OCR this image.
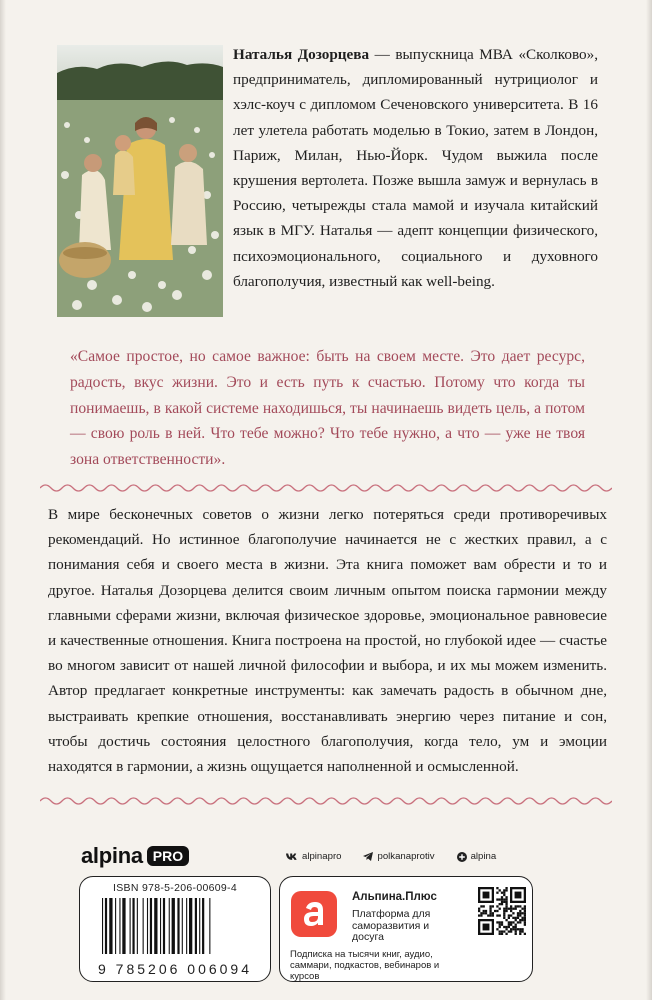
Наталья Дозорцева — выпускница МВА «Сколково», предприниматель, дипломированный нутрициолог и хэлс-коуч с дипломом Сеченовского университета. В 16 лет улетела работать моделью в Токио, затем в Лондон, Париж, Милан, Нью-Йорк. Чудом выжила после крушения вертолета. Позже вышла замуж и вернулась в Россию, четырежды стала мамой и изучала китайский язык в МГУ. Наталья — адепт концепции физического, психоэмоционального, социального и духовного благополучия, известный как well-being.
«Самое простое, но самое важное: быть на своем месте. Это дает ресурс, радость, вкус жизни. Это и есть путь к счастью. Потому что когда ты понимаешь, в какой системе находишься, ты начинаешь видеть цель, а потом — свою роль в ней. Что тебе можно? Что тебе нужно, а что — уже не твоя зона ответственности».
В мире бесконечных советов о жизни легко потеряться среди противоречивых рекомендаций. Но истинное благополучие начинается не с жестких правил, а с понимания себя и своего места в жизни. Эта книга поможет вам обрести и то и другое. Наталья Дозорцева делится своим личным опытом поиска гармонии между главными сферами жизни, включая физическое здоровье, эмоциональное равновесие и качественные отношения. Книга построена на простой, но глубокой идее — счастье во многом зависит от нашей личной философии и выбора, и их мы можем изменить. Автор предлагает конкретные инструменты: как замечать радость в обычном дне, выстраивать крепкие отношения, восстанавливать энергию через питание и сон, чтобы достичь состояния целостного благополучия, когда тело, ум и эмоции находятся в гармонии, а жизнь ощущается наполненной и осмысленной.
alpina PRO	alpinapro	polkanaprotiv	alpina
ISBN 978-5-206-00609-4
9 785206 006094
Альпина.Плюс
Платформа для саморазвития и досуга
Подписка на тысячи книг, аудио, саммари, подкастов, вебинаров и курсов
